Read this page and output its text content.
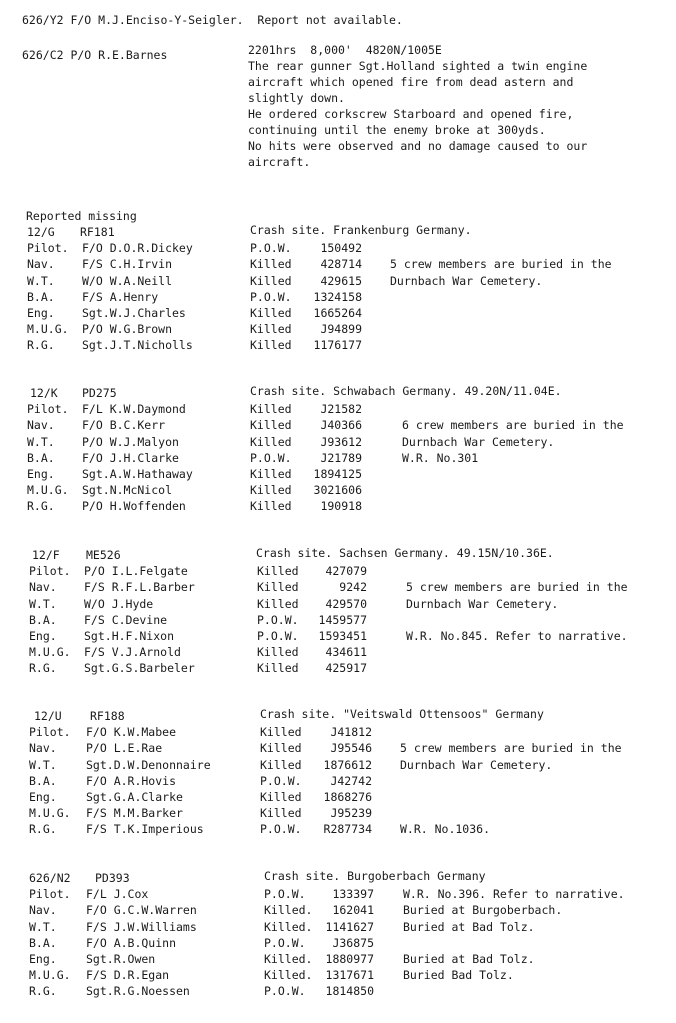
626/Y2 F/O M.J.Enciso-Y-Seigler.  Report not available.
626/C2 P/O R.E.Barnes	2201hrs  8,000'  4820N/1005E
The rear gunner Sgt.Holland sighted a twin engine
aircraft which opened fire from dead astern and
slightly down.
He ordered corkscrew Starboard and opened fire,
continuing until the enemy broke at 300yds.
No hits were observed and no damage caused to our
aircraft.
Reported missing
12/G RF181	Crash site. Frankenburg Germany.
Pilot. F/O D.O.R.Dickey	P.O.W.	150492
Nav. F/S C.H.Irvin	Killed	428714 5 crew members are buried in the
W.T. W/O W.A.Neill	Killed	429615 Durnbach War Cemetery.
B.A. F/S A.Henry	P.O.W.	1324158
Eng. Sgt.W.J.Charles	Killed	1665264
M.U.G. P/O W.G.Brown	Killed	J94899
R.G. Sgt.J.T.Nicholls	Killed	1176177
12/K PD275	Crash site. Schwabach Germany. 49.20N/11.04E.
Pilot. F/L K.W.Daymond	Killed	J21582
Nav. F/O B.C.Kerr	Killed	J40366	6 crew members are buried in the
W.T. P/O W.J.Malyon	Killed	J93612	Durnbach War Cemetery.
B.A. F/O J.H.Clarke	P.O.W.	J21789	W.R. No.301
Eng. Sgt.A.W.Hathaway	Killed	1894125
M.U.G. Sgt.N.McNicol	Killed	3021606
R.G. P/O H.Woffenden	Killed	190918
12/F ME526	Crash site. Sachsen Germany. 49.15N/10.36E.
Pilot. P/O I.L.Felgate	Killed	427079
Nav. F/S R.F.L.Barber	Killed	9242	5 crew members are buried in the
W.T. W/O J.Hyde	Killed	429570	Durnbach War Cemetery.
B.A. F/S C.Devine	P.O.W.	1459577
Eng. Sgt.H.F.Nixon	P.O.W.	1593451	W.R. No.845. Refer to narrative.
M.U.G. F/S V.J.Arnold	Killed	434611
R.G. Sgt.G.S.Barbeler	Killed	425917
12/U RF188	Crash site. "Veitswald Ottensoos" Germany
Pilot. F/O K.W.Mabee	Killed	J41812
Nav.	P/O L.E.Rae	Killed	J95546 5 crew members are buried in the
W.T.	Sgt.D.W.Denonnaire	Killed	1876612 Durnbach War Cemetery.
B.A.	F/O A.R.Hovis	P.O.W.	J42742
Eng.	Sgt.G.A.Clarke	Killed	1868276
M.U.G. F/S M.M.Barker	Killed	J95239
R.G.	F/S T.K.Imperious	P.O.W.	R287734 W.R. No.1036.
626/N2 PD393	Crash site. Burgoberbach Germany
Pilot. F/L J.Cox	P.O.W.	133397	W.R. No.396. Refer to narrative.
Nav.	F/O G.C.W.Warren	Killed.	162041	Buried at Burgoberbach.
W.T.	F/S J.W.Williams	Killed.	1141627	Buried at Bad Tolz.
B.A.	F/O A.B.Quinn	P.O.W.	J36875
Eng.	Sgt.R.Owen	Killed.	1880977	Buried at Bad Tolz.
M.U.G. F/S D.R.Egan	Killed.	1317671	Buried Bad Tolz.
R.G.	Sgt.R.G.Noessen	P.O.W.	1814850
